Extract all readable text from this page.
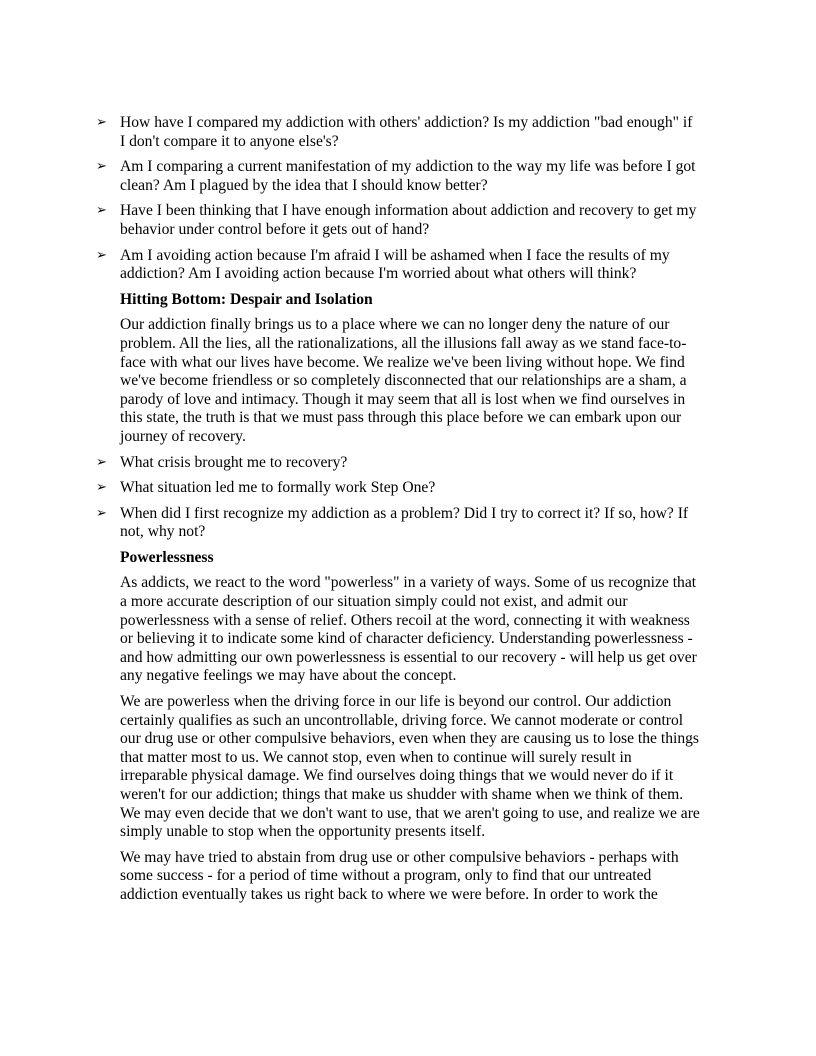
➢ How have I compared my addiction with others' addiction? Is my addiction "bad enough" if I don't compare it to anyone else's?
➢ Am I comparing a current manifestation of my addiction to the way my life was before I got clean? Am I plagued by the idea that I should know better?
➢ Have I been thinking that I have enough information about addiction and recovery to get my behavior under control before it gets out of hand?
➢ Am I avoiding action because I'm afraid I will be ashamed when I face the results of my addiction? Am I avoiding action because I'm worried about what others will think?
Hitting Bottom: Despair and Isolation
Our addiction finally brings us to a place where we can no longer deny the nature of our problem. All the lies, all the rationalizations, all the illusions fall away as we stand face-to-face with what our lives have become. We realize we've been living without hope. We find we've become friendless or so completely disconnected that our relationships are a sham, a parody of love and intimacy. Though it may seem that all is lost when we find ourselves in this state, the truth is that we must pass through this place before we can embark upon our journey of recovery.
➢ What crisis brought me to recovery?
➢ What situation led me to formally work Step One?
➢ When did I first recognize my addiction as a problem? Did I try to correct it? If so, how? If not, why not?
Powerlessness
As addicts, we react to the word "powerless" in a variety of ways. Some of us recognize that a more accurate description of our situation simply could not exist, and admit our powerlessness with a sense of relief. Others recoil at the word, connecting it with weakness or believing it to indicate some kind of character deficiency. Understanding powerlessness - and how admitting our own powerlessness is essential to our recovery - will help us get over any negative feelings we may have about the concept.
We are powerless when the driving force in our life is beyond our control. Our addiction certainly qualifies as such an uncontrollable, driving force. We cannot moderate or control our drug use or other compulsive behaviors, even when they are causing us to lose the things that matter most to us. We cannot stop, even when to continue will surely result in irreparable physical damage. We find ourselves doing things that we would never do if it weren't for our addiction; things that make us shudder with shame when we think of them. We may even decide that we don't want to use, that we aren't going to use, and realize we are simply unable to stop when the opportunity presents itself.
We may have tried to abstain from drug use or other compulsive behaviors - perhaps with some success - for a period of time without a program, only to find that our untreated addiction eventually takes us right back to where we were before. In order to work the
